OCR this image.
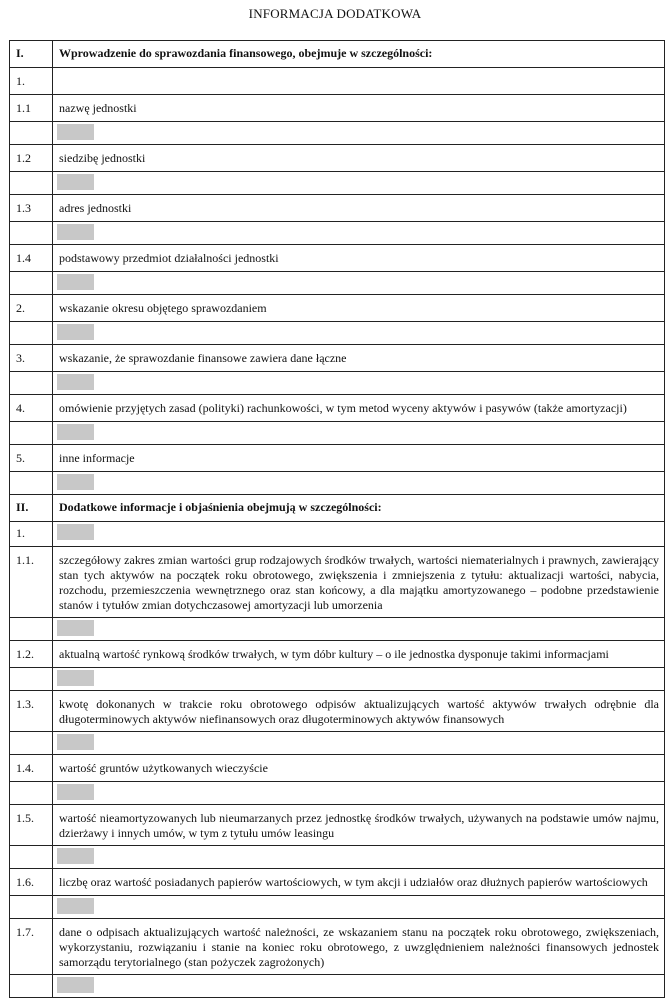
INFORMACJA DODATKOWA
I.	Wprowadzenie do sprawozdania finansowego, obejmuje w szczególności:
1.	
1.1	nazwę jednostki

1.2	siedzibę jednostki

1.3	adres jednostki

1.4	podstawowy przedmiot działalności jednostki

2.	wskazanie okresu objętego sprawozdaniem

3.	wskazanie, że sprawozdanie finansowe zawiera dane łączne

4.	omówienie przyjętych zasad (polityki) rachunkowości, w tym metod wyceny aktywów i pasywów (także amortyzacji)

5.	inne informacje

II.	Dodatkowe informacje i objaśnienia obejmują w szczególności:
1.	

1.1.	szczegółowy zakres zmian wartości grup rodzajowych środków trwałych, wartości niematerialnych i prawnych, zawierający stan tych aktywów na początek roku obrotowego, zwiększenia i zmniejszenia z tytułu: aktualizacji wartości, nabycia, rozchodu, przemieszczenia wewnętrznego oraz stan końcowy, a dla majątku amortyzowanego – podobne przedstawienie stanów i tytułów zmian dotychczasowej amortyzacji lub umorzenia

1.2.	aktualną wartość rynkową środków trwałych, w tym dóbr kultury – o ile jednostka dysponuje takimi informacjami

1.3.	kwotę dokonanych w trakcie roku obrotowego odpisów aktualizujących wartość aktywów trwałych odrębnie dla długoterminowych aktywów niefinansowych oraz długoterminowych aktywów finansowych

1.4.	wartość gruntów użytkowanych wieczyście

1.5.	wartość nieamortyzowanych lub nieumarzanych przez jednostkę środków trwałych, używanych na podstawie umów najmu, dzierżawy i innych umów, w tym z tytułu umów leasingu

1.6.	liczbę oraz wartość posiadanych papierów wartościowych, w tym akcji i udziałów oraz dłużnych papierów wartościowych

1.7.	dane o odpisach aktualizujących wartość należności, ze wskazaniem stanu na początek roku obrotowego, zwiększeniach, wykorzystaniu, rozwiązaniu i stanie na koniec roku obrotowego, z uwzględnieniem należności finansowych jednostek samorządu terytorialnego (stan pożyczek zagrożonych)
